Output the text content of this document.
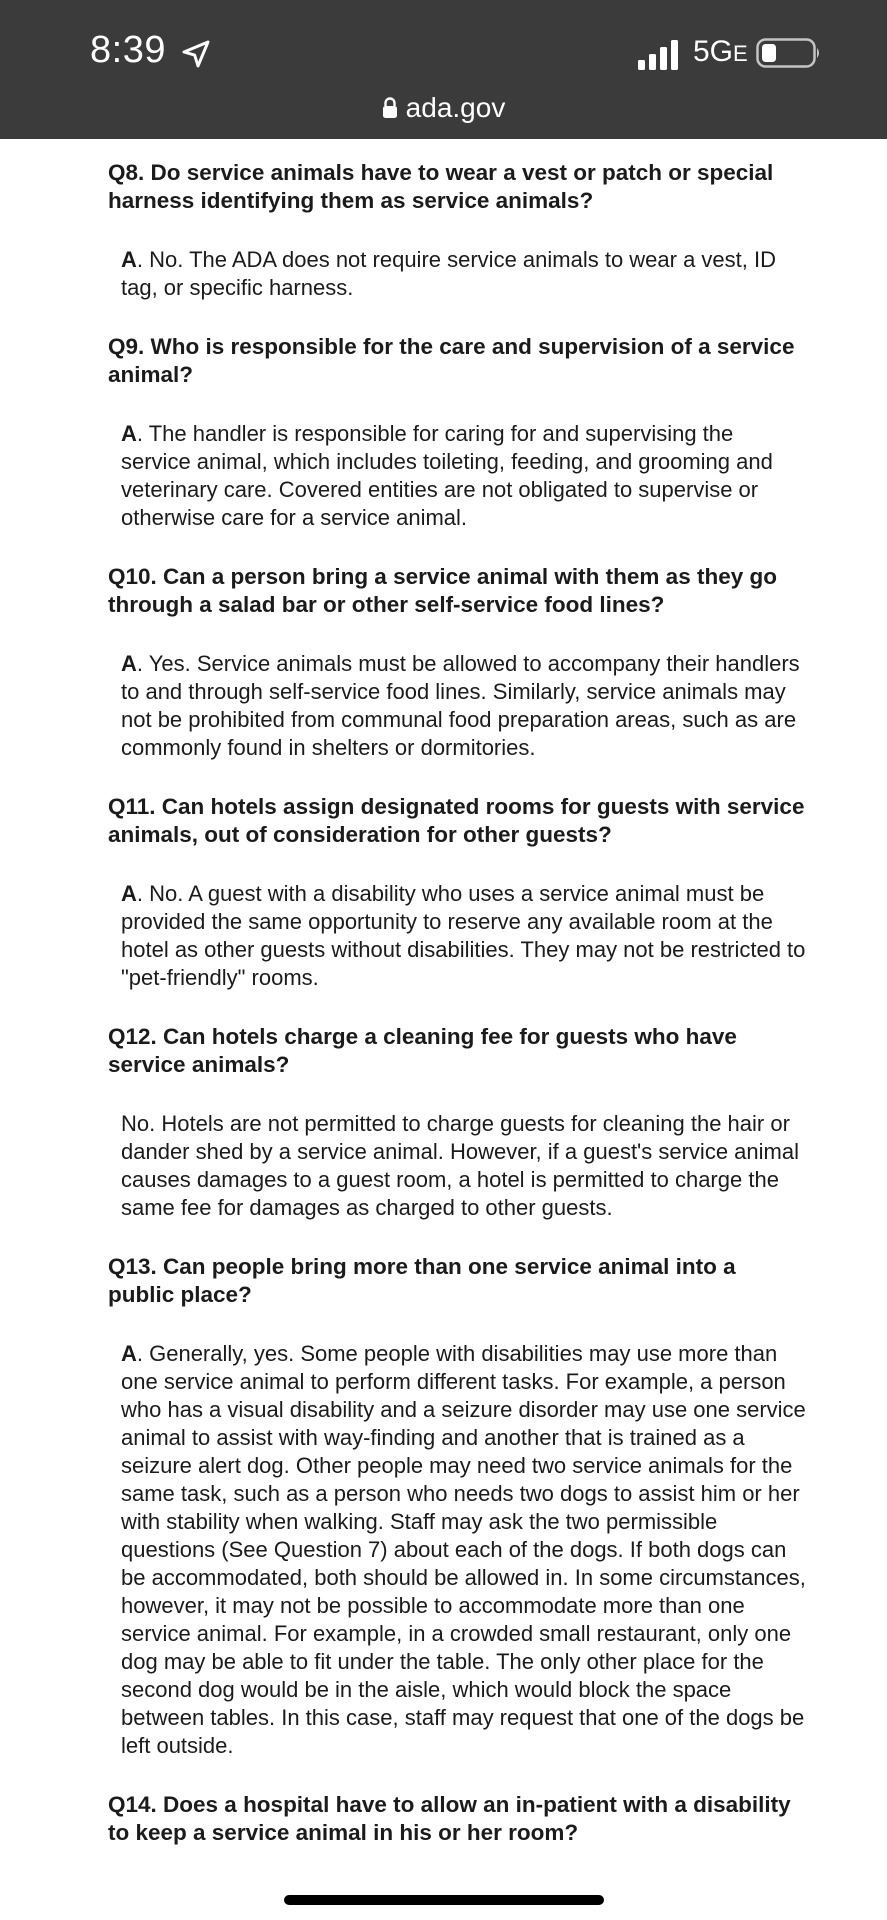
8:39	5GE
ada.gov

Q8. Do service animals have to wear a vest or patch or special harness identifying them as service animals?

A. No. The ADA does not require service animals to wear a vest, ID tag, or specific harness.

Q9. Who is responsible for the care and supervision of a service animal?

A. The handler is responsible for caring for and supervising the service animal, which includes toileting, feeding, and grooming and veterinary care. Covered entities are not obligated to supervise or otherwise care for a service animal.

Q10. Can a person bring a service animal with them as they go through a salad bar or other self-service food lines?

A. Yes. Service animals must be allowed to accompany their handlers to and through self-service food lines. Similarly, service animals may not be prohibited from communal food preparation areas, such as are commonly found in shelters or dormitories.

Q11. Can hotels assign designated rooms for guests with service animals, out of consideration for other guests?

A. No. A guest with a disability who uses a service animal must be provided the same opportunity to reserve any available room at the hotel as other guests without disabilities. They may not be restricted to "pet-friendly" rooms.

Q12. Can hotels charge a cleaning fee for guests who have service animals?

No. Hotels are not permitted to charge guests for cleaning the hair or dander shed by a service animal. However, if a guest's service animal causes damages to a guest room, a hotel is permitted to charge the same fee for damages as charged to other guests.

Q13. Can people bring more than one service animal into a public place?

A. Generally, yes. Some people with disabilities may use more than one service animal to perform different tasks. For example, a person who has a visual disability and a seizure disorder may use one service animal to assist with way-finding and another that is trained as a seizure alert dog. Other people may need two service animals for the same task, such as a person who needs two dogs to assist him or her with stability when walking. Staff may ask the two permissible questions (See Question 7) about each of the dogs. If both dogs can be accommodated, both should be allowed in. In some circumstances, however, it may not be possible to accommodate more than one service animal. For example, in a crowded small restaurant, only one dog may be able to fit under the table. The only other place for the second dog would be in the aisle, which would block the space between tables. In this case, staff may request that one of the dogs be left outside.

Q14. Does a hospital have to allow an in-patient with a disability to keep a service animal in his or her room?
